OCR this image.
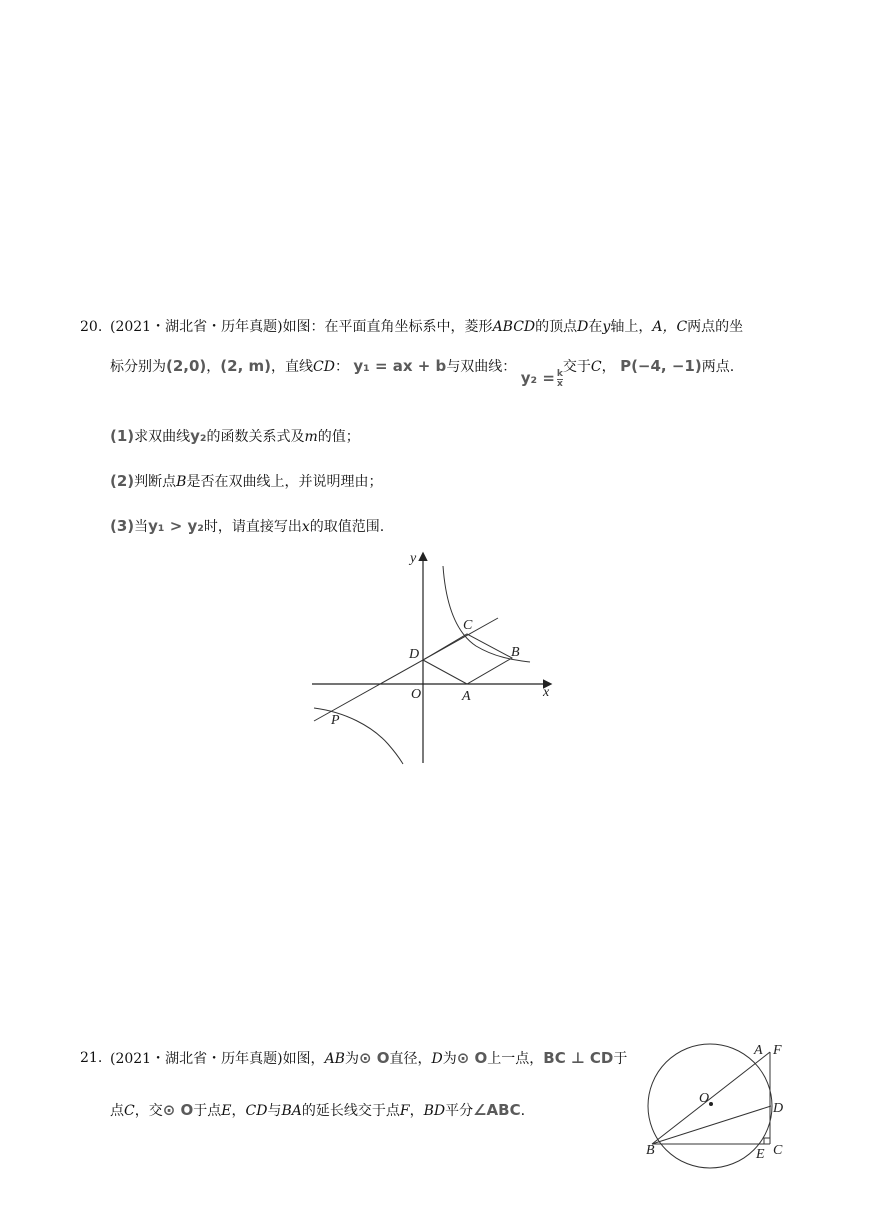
20. (2021・湖北省・历年真题)如图：在平面直角坐标系中，菱形ABCD的顶点D在y轴上，A，C两点的坐
标分别为(2,0)，(2, m)，直线CD： y₁ = ax + b与双曲线： $y_2 = \frac{k}{x}$
交于C， P(−4, −1)两点.
(1)求双曲线y₂的函数关系式及m的值；
(2)判断点B是否在双曲线上，并说明理由；
(3)当y₁ > y₂时，请直接写出x的取值范围.
y
x
O	A
B
C
D
P
21. (2021・湖北省・历年真题)如图，AB为⊙ O直径，D为⊙ O上一点，BC ⊥ CD于
点C，交⊙ O于点E，CD与BA的延长线交于点F，BD平分∠ABC.
A F
O
D
B	E C
